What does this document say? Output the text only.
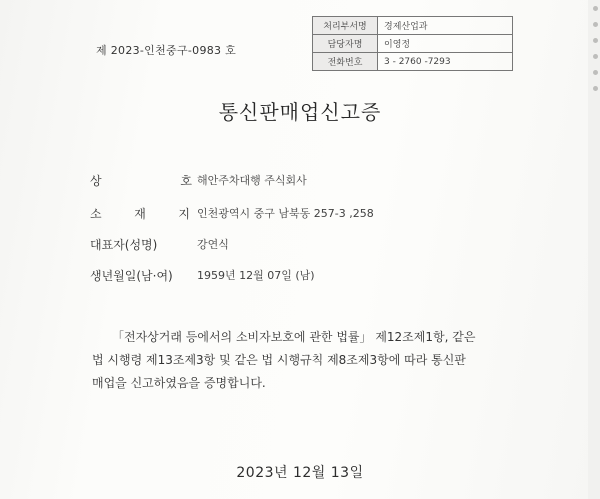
제 2023-인천중구-0983 호
처리부서명	경제산업과
담당자명	이영정
전화번호	3 - 2760 -7293
통신판매업신고증
상 호 해안주차대행 주식회사
소 재 지 인천광역시 중구 남북동 257-3 ,258
대표자(성명)	강연식
생년월일(남·여) 1959년 12월 07일 (남)
「전자상거래 등에서의 소비자보호에 관한 법률」 제12조제1항, 같은
법 시행령 제13조제3항 및 같은 법 시행규칙 제8조제3항에 따라 통신판
매업을 신고하였음을 증명합니다.
2023년 12월 13일
